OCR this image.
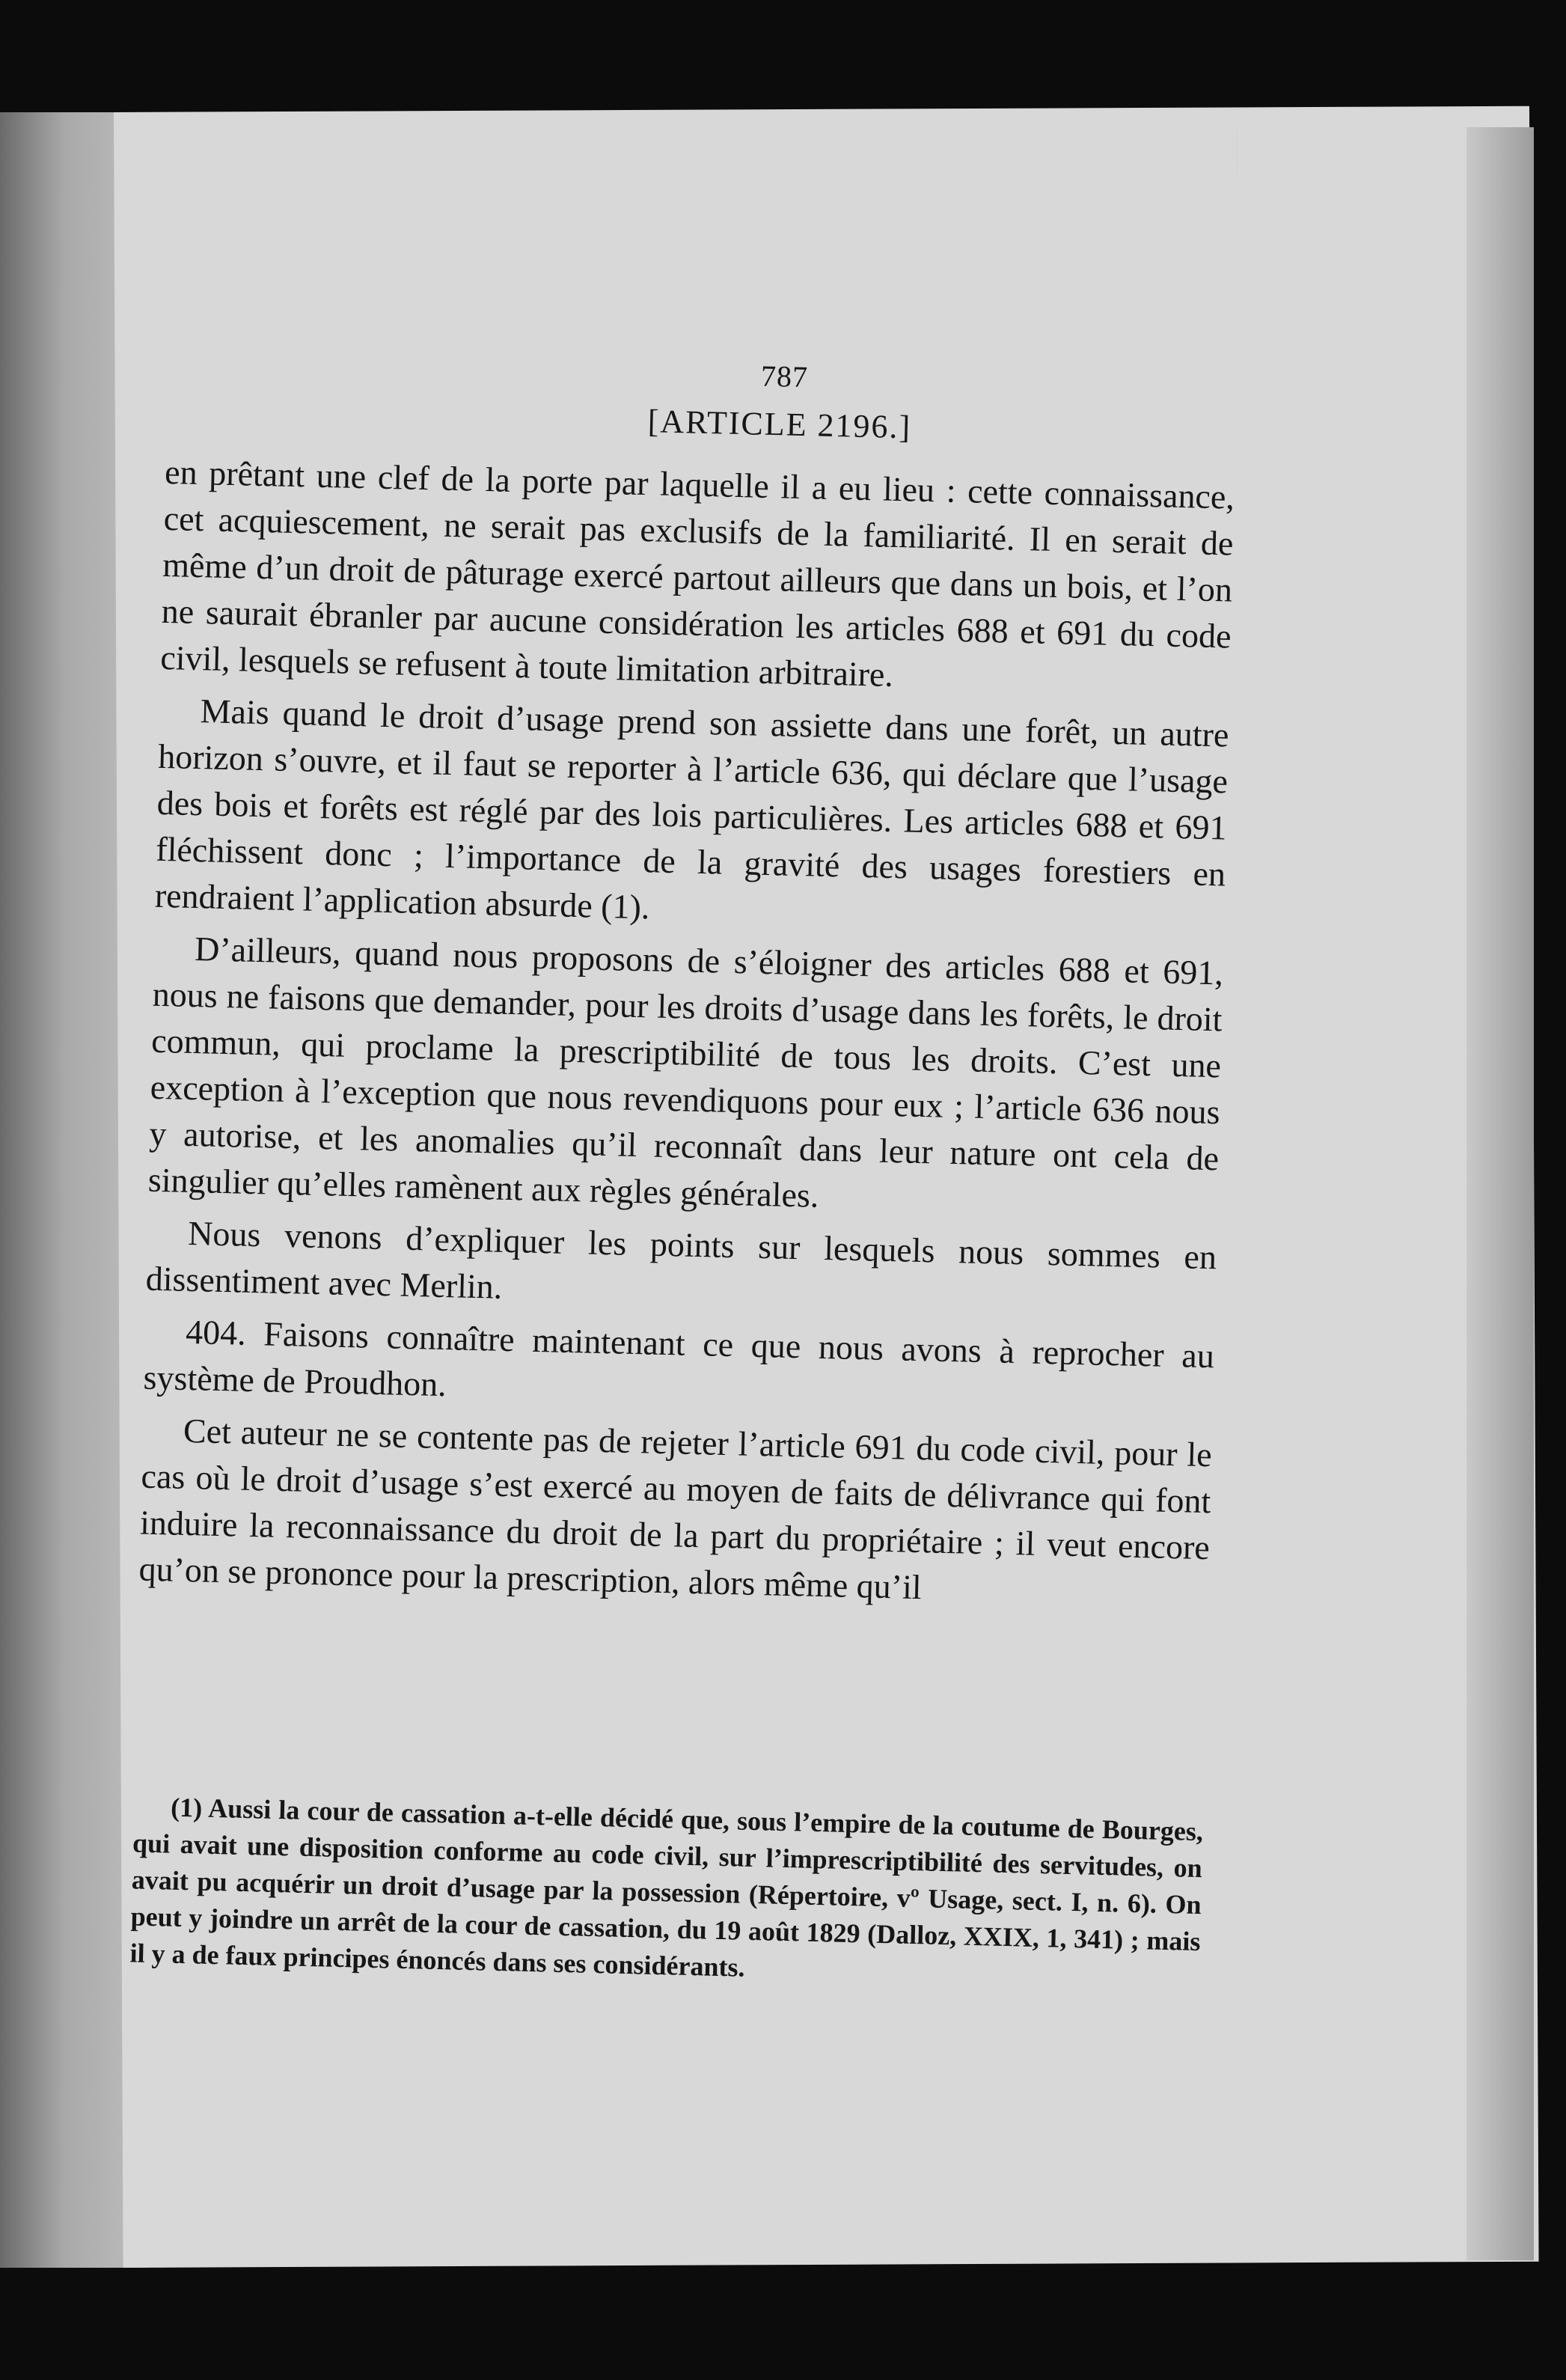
787
[ARTICLE 2196.]

en prêtant une clef de la porte par laquelle il a eu lieu : cette connaissance, cet acquiescement, ne serait pas exclusifs de la familiarité. Il en serait de même d’un droit de pâturage exercé partout ailleurs que dans un bois, et l’on ne saurait ébranler par aucune considération les articles 688 et 691 du code civil, lesquels se refusent à toute limitation arbitraire.

Mais quand le droit d’usage prend son assiette dans une forêt, un autre horizon s’ouvre, et il faut se reporter à l’article 636, qui déclare que l’usage des bois et forêts est réglé par des lois particulières. Les articles 688 et 691 fléchissent donc ; l’importance de la gravité des usages forestiers en rendraient l’application absurde (1).

D’ailleurs, quand nous proposons de s’éloigner des articles 688 et 691, nous ne faisons que demander, pour les droits d’usage dans les forêts, le droit commun, qui proclame la prescriptibilité de tous les droits. C’est une exception à l’exception que nous revendiquons pour eux ; l’article 636 nous y autorise, et les anomalies qu’il reconnaît dans leur nature ont cela de singulier qu’elles ramènent aux règles générales.

Nous venons d’expliquer les points sur lesquels nous sommes en dissentiment avec Merlin.

404. Faisons connaître maintenant ce que nous avons à reprocher au système de Proudhon.

Cet auteur ne se contente pas de rejeter l’article 691 du code civil, pour le cas où le droit d’usage s’est exercé au moyen de faits de délivrance qui font induire la reconnaissance du droit de la part du propriétaire ; il veut encore qu’on se prononce pour la prescription, alors même qu’il

(1) Aussi la cour de cassation a-t-elle décidé que, sous l’empire de la coutume de Bourges, qui avait une disposition conforme au code civil, sur l’imprescriptibilité des servitudes, on avait pu acquérir un droit d’usage par la possession (Répertoire, vº Usage, sect. I, n. 6). On peut y joindre un arrêt de la cour de cassation, du 19 août 1829 (Dalloz, XXIX, 1, 341) ; mais il y a de faux principes énoncés dans ses considérants.
